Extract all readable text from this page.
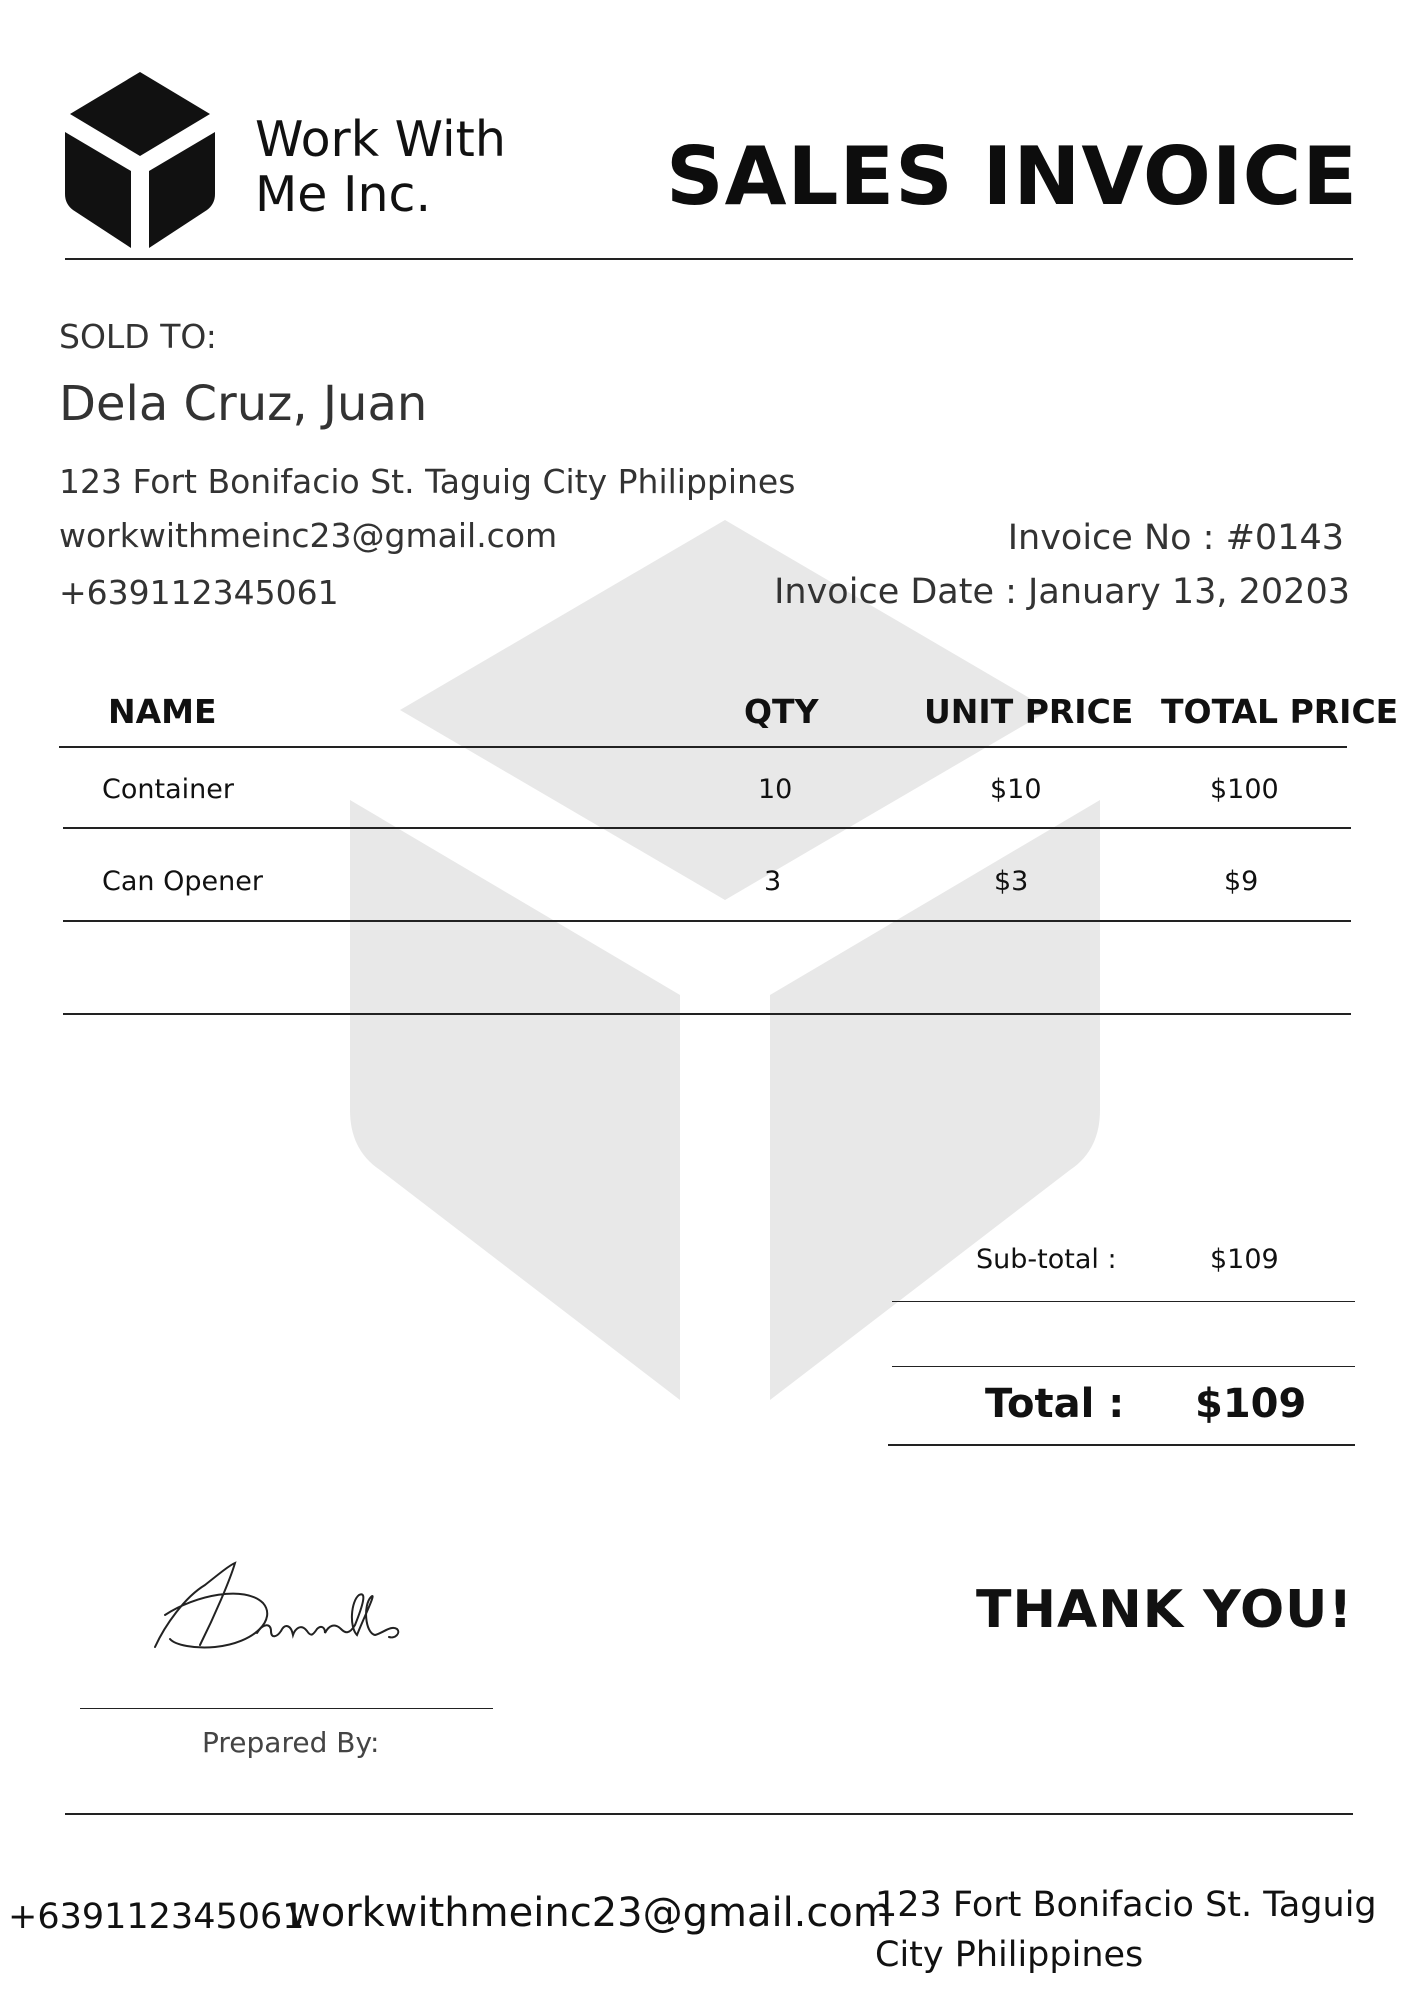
Work With
Me Inc.	SALES INVOICE
SOLD TO:
Dela Cruz, Juan
123 Fort Bonifacio St. Taguig City Philippines
workwithmeinc23@gmail.com
+639112345061
Invoice No : #0143
Invoice Date : January 13, 20203
NAME	QTY	UNIT PRICE TOTAL PRICE
Container	10	$10	$100
Can Opener	3	$3	$9
Sub-total :	$109
Total : $109
Prepared By:
THANK YOU!
+639112345061
workwithmeinc23@gmail.com
123 Fort Bonifacio St. Taguig City Philippines
